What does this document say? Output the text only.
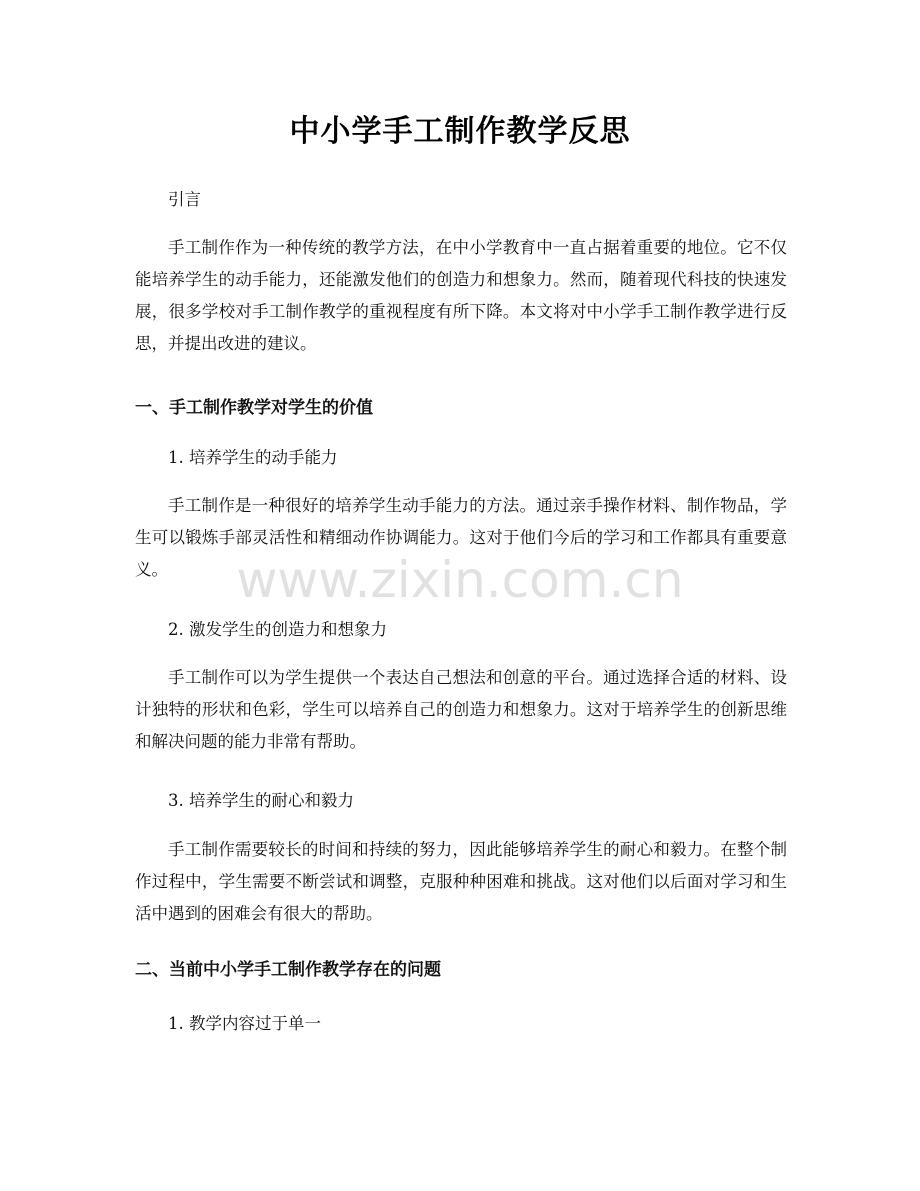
中小学手工制作教学反思

引言

手工制作作为一种传统的教学方法，在中小学教育中一直占据着重要的地位。它不仅能培养学生的动手能力，还能激发他们的创造力和想象力。然而，随着现代科技的快速发展，很多学校对手工制作教学的重视程度有所下降。本文将对中小学手工制作教学进行反思，并提出改进的建议。

一、手工制作教学对学生的价值

1. 培养学生的动手能力

手工制作是一种很好的培养学生动手能力的方法。通过亲手操作材料、制作物品，学生可以锻炼手部灵活性和精细动作协调能力。这对于他们今后的学习和工作都具有重要意义。

2. 激发学生的创造力和想象力

手工制作可以为学生提供一个表达自己想法和创意的平台。通过选择合适的材料、设计独特的形状和色彩，学生可以培养自己的创造力和想象力。这对于培养学生的创新思维和解决问题的能力非常有帮助。

3. 培养学生的耐心和毅力

手工制作需要较长的时间和持续的努力，因此能够培养学生的耐心和毅力。在整个制作过程中，学生需要不断尝试和调整，克服种种困难和挑战。这对他们以后面对学习和生活中遇到的困难会有很大的帮助。

二、当前中小学手工制作教学存在的问题

1. 教学内容过于单一

www.zixin.com.cn
